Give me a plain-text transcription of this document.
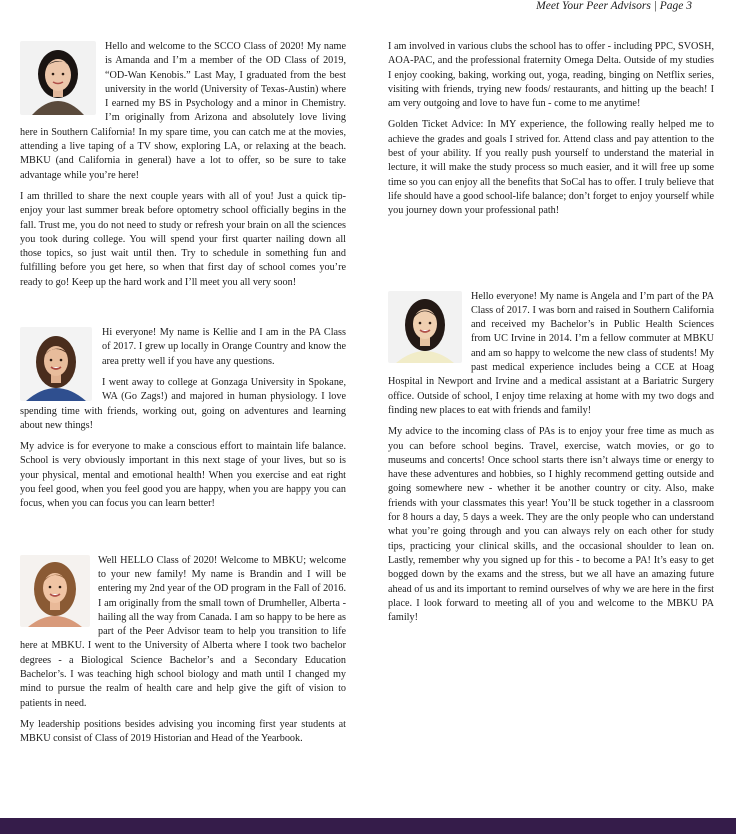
Meet Your Peer Advisors | Page 3

Hello and welcome to the SCCO Class of 2020! My name is Amanda and I’m a member of the OD Class of 2019, “OD-Wan Kenobis.” Last May, I graduated from the best university in the world (University of Texas-Austin) where I earned my BS in Psychology and a minor in Chemistry. I’m originally from Arizona and absolutely love living here in Southern California! In my spare time, you can catch me at the movies, attending a live taping of a TV show, exploring LA, or relaxing at the beach. MBKU (and California in general) have a lot to offer, so be sure to take advantage while you’re here!

I am thrilled to share the next couple years with all of you! Just a quick tip- enjoy your last summer break before optometry school officially begins in the fall. Trust me, you do not need to study or refresh your brain on all the sciences you took during college. You will spend your first quarter nailing down all those topics, so just wait until then. Try to schedule in something fun and fulfilling before you get here, so when that first day of school comes you’re ready to go! Keep up the hard work and I’ll meet you all very soon!

Hi everyone! My name is Kellie and I am in the PA Class of 2017. I grew up locally in Orange Country and know the area pretty well if you have any questions.

I went away to college at Gonzaga University in Spokane, WA (Go Zags!) and majored in human physiology. I love spending time with friends, working out, going on adventures and learning about new things!

My advice is for everyone to make a conscious effort to maintain life balance. School is very obviously important in this next stage of your lives, but so is your physical, mental and emotional health! When you exercise and eat right you feel good, when you feel good you are happy, when you are happy you can focus, when you can focus you can learn better!

Well HELLO Class of 2020! Welcome to MBKU; welcome to your new family! My name is Brandin and I will be entering my 2nd year of the OD program in the Fall of 2016. I am originally from the small town of Drumheller, Alberta - hailing all the way from Canada. I am so happy to be here as part of the Peer Advisor team to help you transition to life here at MBKU. I went to the University of Alberta where I took two bachelor degrees - a Biological Science Bachelor’s and a Secondary Education Bachelor’s. I was teaching high school biology and math until I changed my mind to pursue the realm of health care and help give the gift of vision to patients in need.

My leadership positions besides advising you incoming first year students at MBKU consist of Class of 2019 Historian and Head of the Yearbook.

I am involved in various clubs the school has to offer - including PPC, SVOSH, AOA-PAC, and the professional fraternity Omega Delta. Outside of my studies I enjoy cooking, baking, working out, yoga, reading, binging on Netflix series, visiting with friends, trying new foods/ restaurants, and hitting up the beach! I am very outgoing and love to have fun - come to me anytime!

Golden Ticket Advice: In MY experience, the following really helped me to achieve the grades and goals I strived for. Attend class and pay attention to the best of your ability. If you really push yourself to understand the material in lecture, it will make the study process so much easier, and it will free up some time so you can enjoy all the benefits that SoCal has to offer. I truly believe that life should have a good school-life balance; don’t forget to enjoy yourself while you journey down your professional path!

Hello everyone! My name is Angela and I’m part of the PA Class of 2017. I was born and raised in Southern California and received my Bachelor’s in Public Health Sciences from UC Irvine in 2014. I’m a fellow commuter at MBKU and am so happy to welcome the new class of students! My past medical experience includes being a CCE at Hoag Hospital in Newport and Irvine and a medical assistant at a Bariatric Surgery office. Outside of school, I enjoy time relaxing at home with my two dogs and finding new places to eat with friends and family!

My advice to the incoming class of PAs is to enjoy your free time as much as you can before school begins. Travel, exercise, watch movies, or go to museums and concerts! Once school starts there isn’t always time or energy to have these adventures and hobbies, so I highly recommend getting outside and going somewhere new - whether it be another country or city. Also, make friends with your classmates this year! You’ll be stuck together in a classroom for 8 hours a day, 5 days a week. They are the only people who can understand what you’re going through and you can always rely on each other for study tips, practicing your clinical skills, and the occasional shoulder to lean on. Lastly, remember why you signed up for this - to become a PA! It’s easy to get bogged down by the exams and the stress, but we all have an amazing future ahead of us and its important to remind ourselves of why we are here in the first place. I look forward to meeting all of you and welcome to the MBKU PA family!
